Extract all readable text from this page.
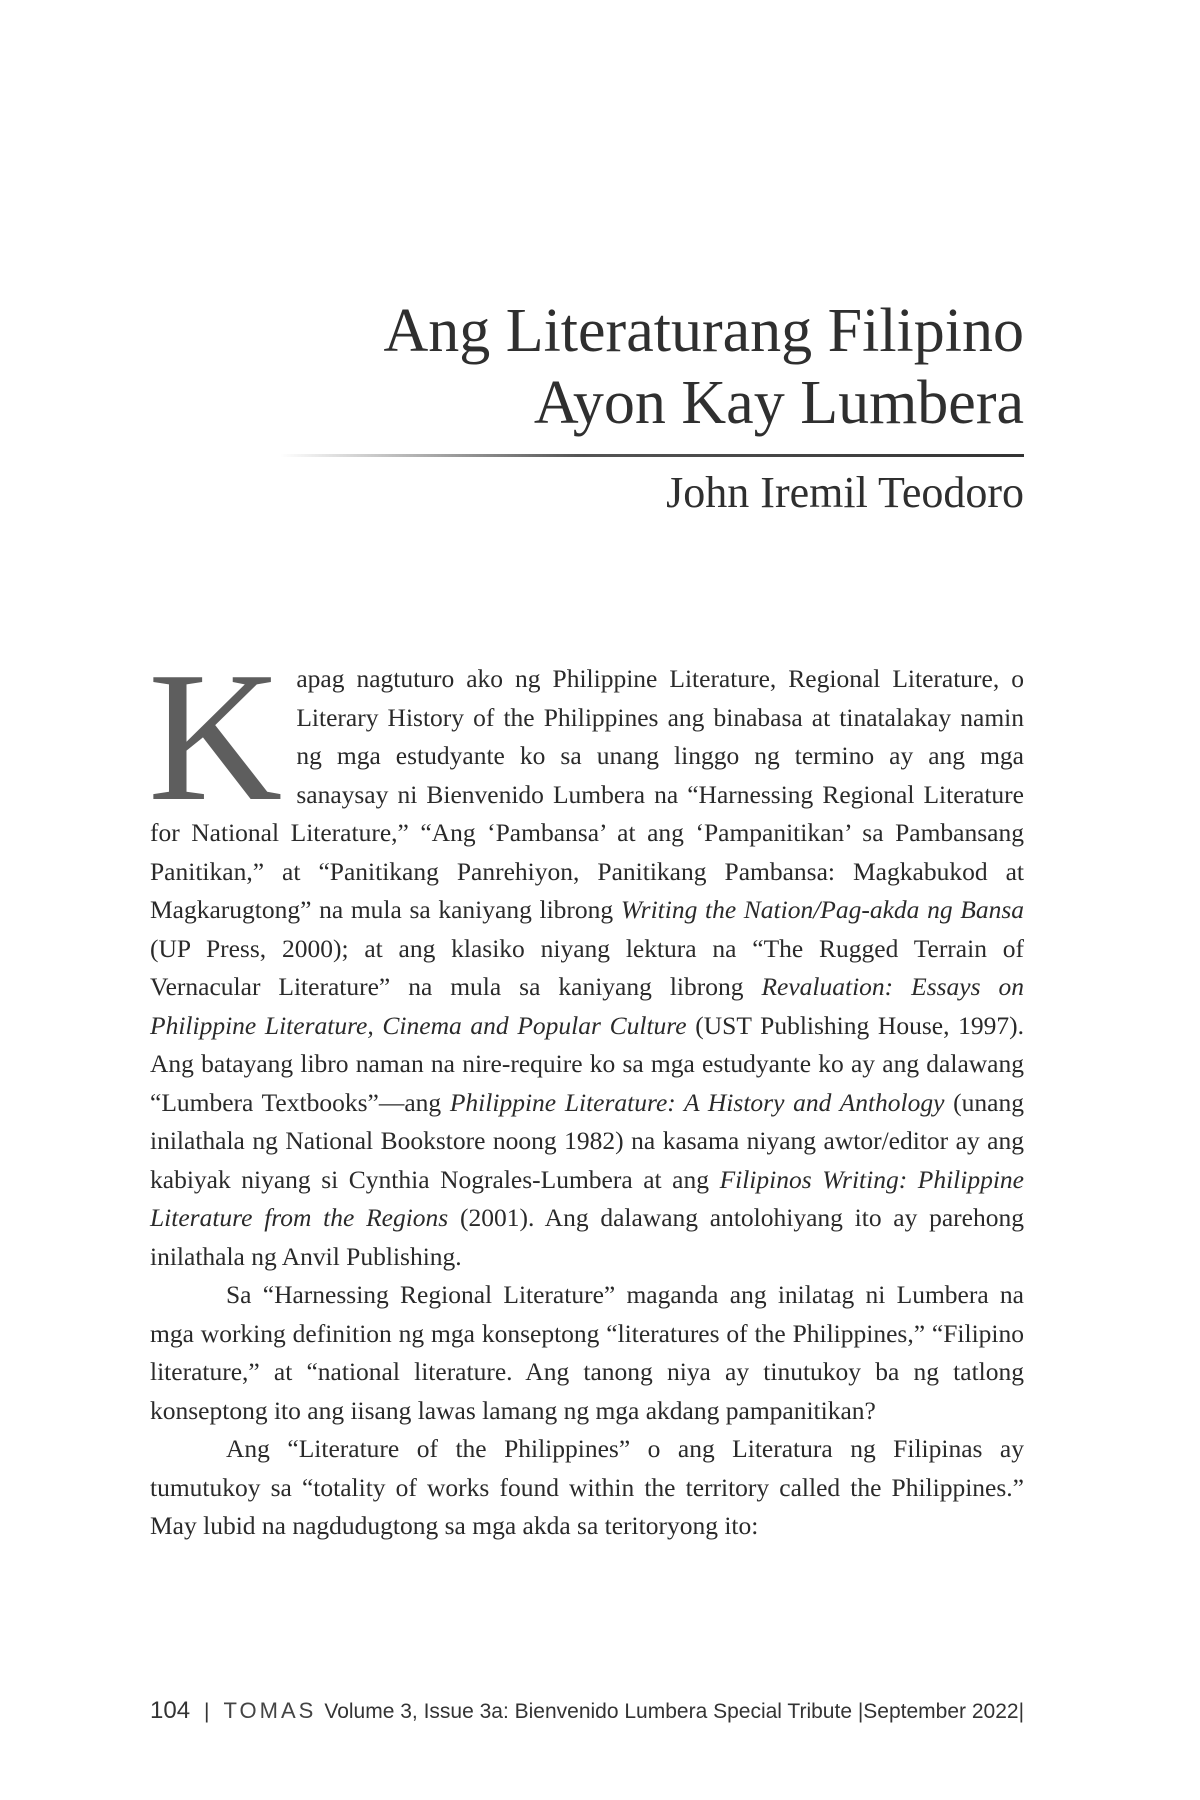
Ang Literaturang Filipino
Ayon Kay Lumbera
John Iremil Teodoro

Kapag nagtuturo ako ng Philippine Literature, Regional Literature, o Literary History of the Philippines ang binabasa at tinatalakay namin ng mga estudyante ko sa unang linggo ng termino ay ang mga sanaysay ni Bienvenido Lumbera na “Harnessing Regional Literature for National Literature,” “Ang ‘Pambansa’ at ang ‘Pampanitikan’ sa Pambansang Panitikan,” at “Panitikang Panrehiyon, Panitikang Pambansa: Magkabukod at Magkarugtong” na mula sa kaniyang librong Writing the Nation/Pag-akda ng Bansa (UP Press, 2000); at ang klasiko niyang lektura na “The Rugged Terrain of Vernacular Literature” na mula sa kaniyang librong Revaluation: Essays on Philippine Literature, Cinema and Popular Culture (UST Publishing House, 1997). Ang batayang libro naman na nire-require ko sa mga estudyante ko ay ang dalawang “Lumbera Textbooks”—ang Philippine Literature: A History and Anthology (unang inilathala ng National Bookstore noong 1982) na kasama niyang awtor/editor ay ang kabiyak niyang si Cynthia Nograles-Lumbera at ang Filipinos Writing: Philippine Literature from the Regions (2001). Ang dalawang antolohiyang ito ay parehong inilathala ng Anvil Publishing.

Sa “Harnessing Regional Literature” maganda ang inilatag ni Lumbera na mga working definition ng mga konseptong “literatures of the Philippines,” “Filipino literature,” at “national literature. Ang tanong niya ay tinutukoy ba ng tatlong konseptong ito ang iisang lawas lamang ng mga akdang pampanitikan?

Ang “Literature of the Philippines” o ang Literatura ng Filipinas ay tumutukoy sa “totality of works found within the territory called the Philippines.” May lubid na nagdudugtong sa mga akda sa teritoryong ito:

104 | TOMAS Volume 3, Issue 3a: Bienvenido Lumbera Special Tribute |September 2022|
